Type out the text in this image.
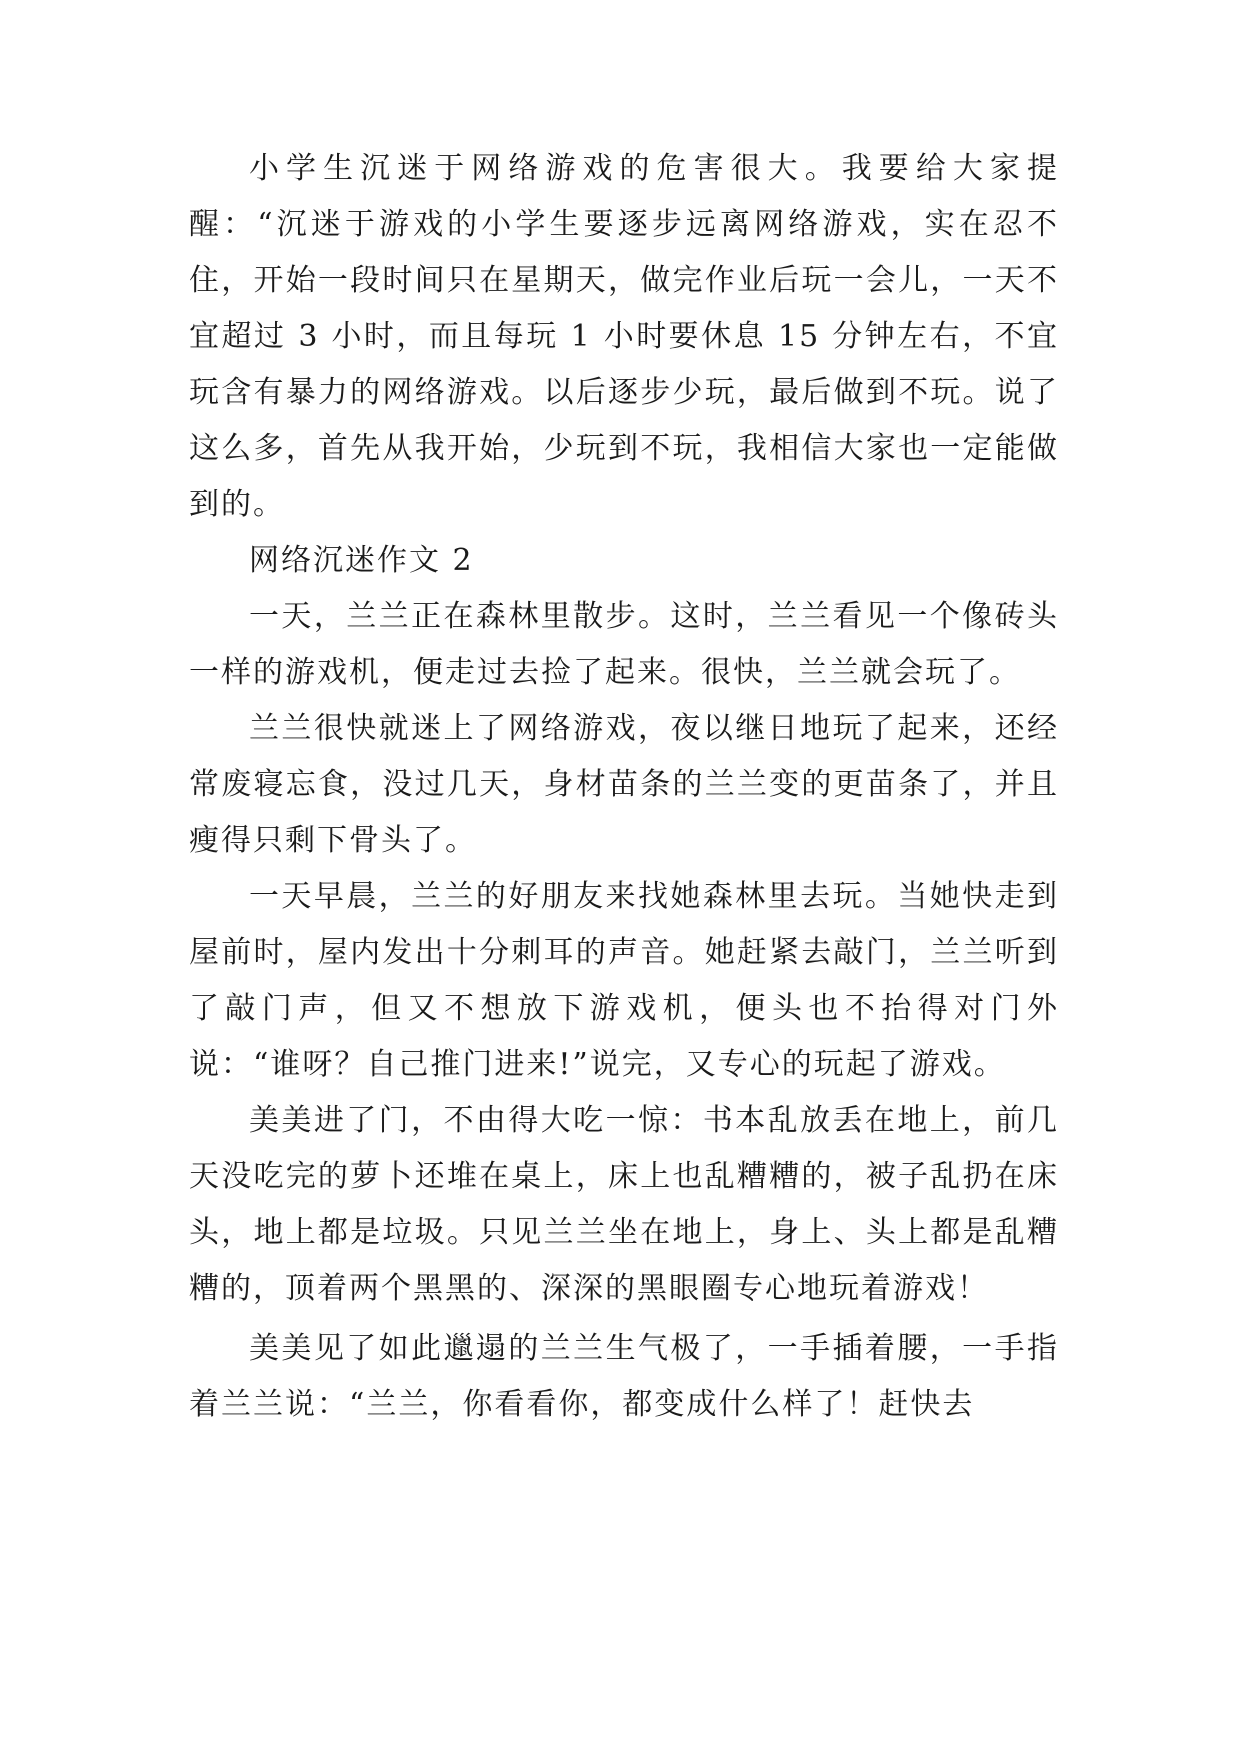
小学生沉迷于网络游戏的危害很大。我要给大家提醒：“沉迷于游戏的小学生要逐步远离网络游戏，实在忍不住，开始一段时间只在星期天，做完作业后玩一会儿，一天不宜超过 3 小时，而且每玩 1 小时要休息 15 分钟左右，不宜玩含有暴力的网络游戏。以后逐步少玩，最后做到不玩。说了这么多，首先从我开始，少玩到不玩，我相信大家也一定能做到的。

网络沉迷作文 2

一天，兰兰正在森林里散步。这时，兰兰看见一个像砖头一样的游戏机，便走过去捡了起来。很快，兰兰就会玩了。

兰兰很快就迷上了网络游戏，夜以继日地玩了起来，还经常废寝忘食，没过几天，身材苗条的兰兰变的更苗条了，并且瘦得只剩下骨头了。

一天早晨，兰兰的好朋友来找她森林里去玩。当她快走到屋前时，屋内发出十分刺耳的声音。她赶紧去敲门，兰兰听到了敲门声，但又不想放下游戏机，便头也不抬得对门外说：“谁呀？自己推门进来!”说完，又专心的玩起了游戏。

美美进了门，不由得大吃一惊：书本乱放丢在地上，前几天没吃完的萝卜还堆在桌上，床上也乱糟糟的，被子乱扔在床头，地上都是垃圾。只见兰兰坐在地上，身上、头上都是乱糟糟的，顶着两个黑黑的、深深的黑眼圈专心地玩着游戏！

美美见了如此邋遢的兰兰生气极了，一手插着腰，一手指着兰兰说：“兰兰，你看看你，都变成什么样了！赶快去
